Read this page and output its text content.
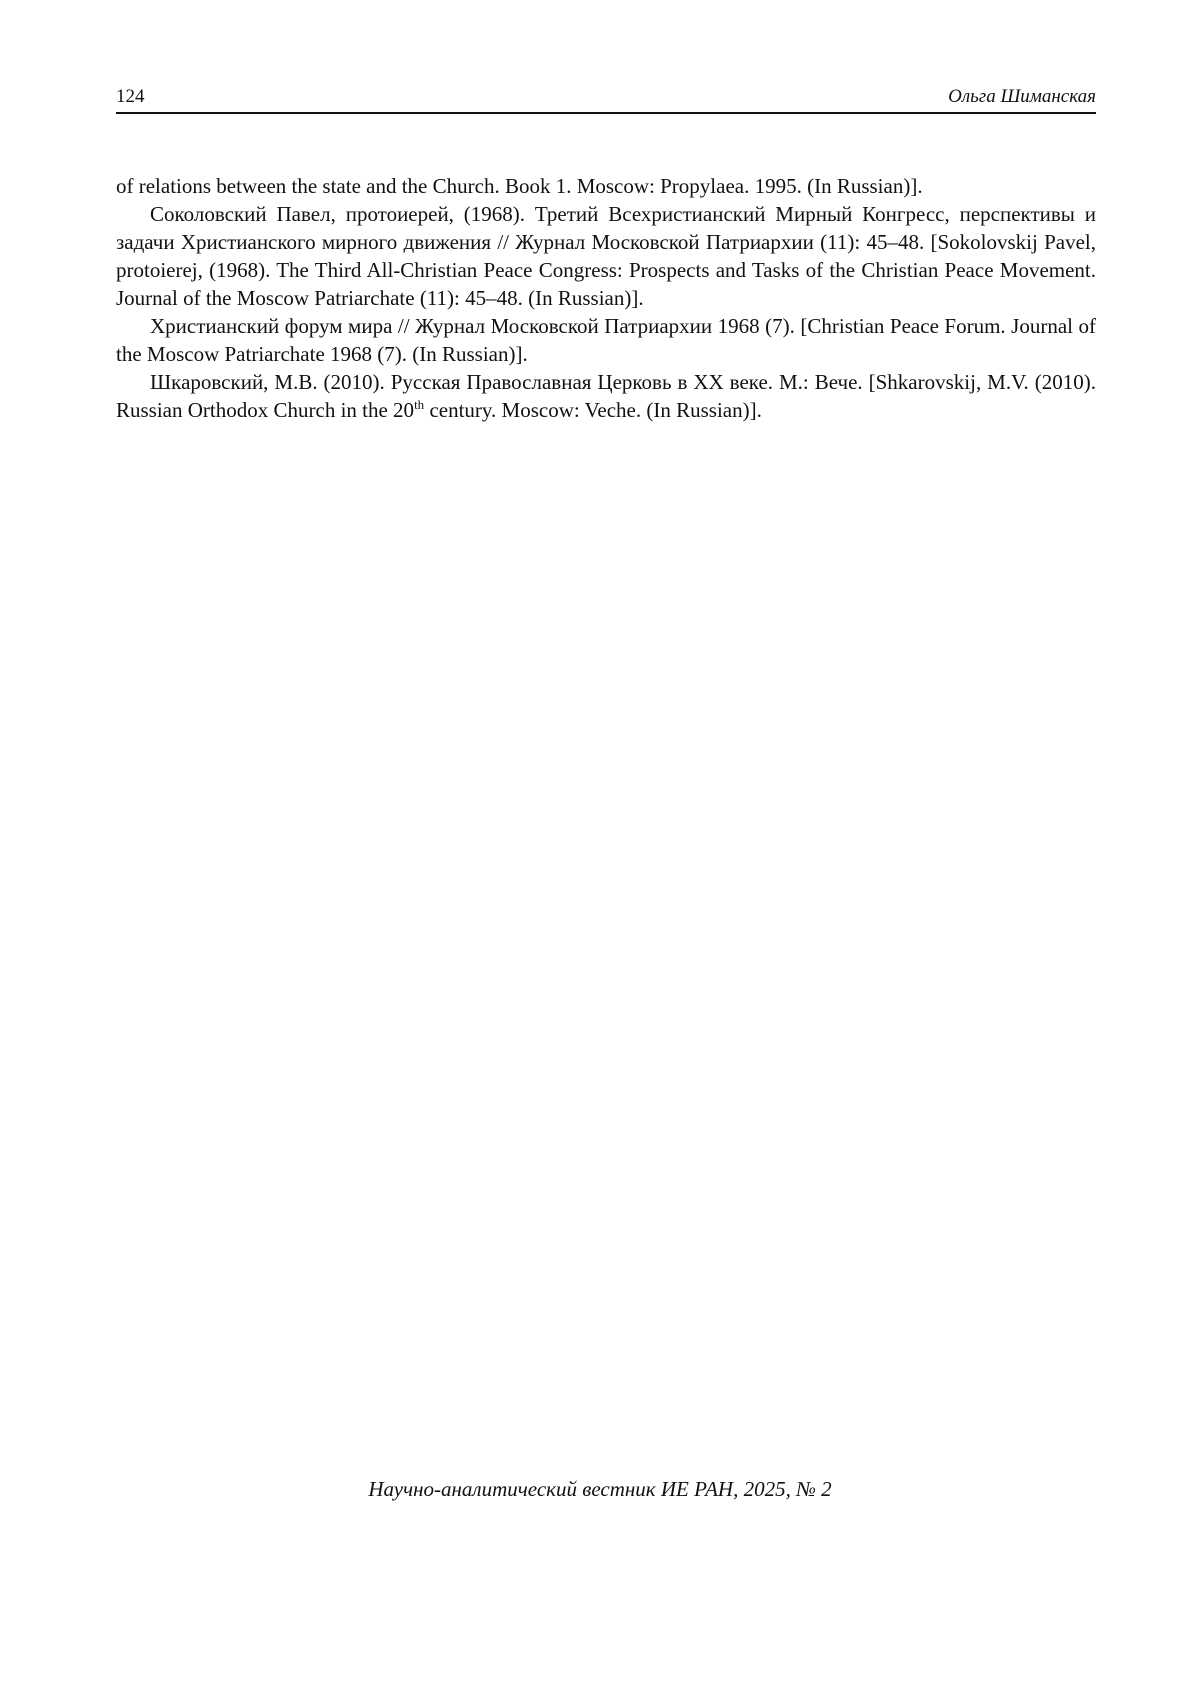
124	Ольга Шиманская

of relations between the state and the Church. Book 1. Moscow: Propylaea. 1995. (In Russian)].

Соколовский Павел, протоиерей, (1968). Третий Всехристианский Мирный Конгресс, перспективы и задачи Христианского мирного движения // Журнал Московской Патриархии (11): 45–48. [Sokolovskij Pavel, protoierej, (1968). The Third All-Christian Peace Congress: Prospects and Tasks of the Christian Peace Movement. Journal of the Moscow Patriarchate (11): 45–48. (In Russian)].

Христианский форум мира // Журнал Московской Патриархии 1968 (7). [Christian Peace Forum. Journal of the Moscow Patriarchate 1968 (7). (In Russian)].

Шкаровский, М.В. (2010). Русская Православная Церковь в ХХ веке. М.: Вече. [Shkarovskij, M.V. (2010). Russian Orthodox Church in the 20th century. Moscow: Veche. (In Russian)].

Научно-аналитический вестник ИЕ РАН, 2025, № 2
